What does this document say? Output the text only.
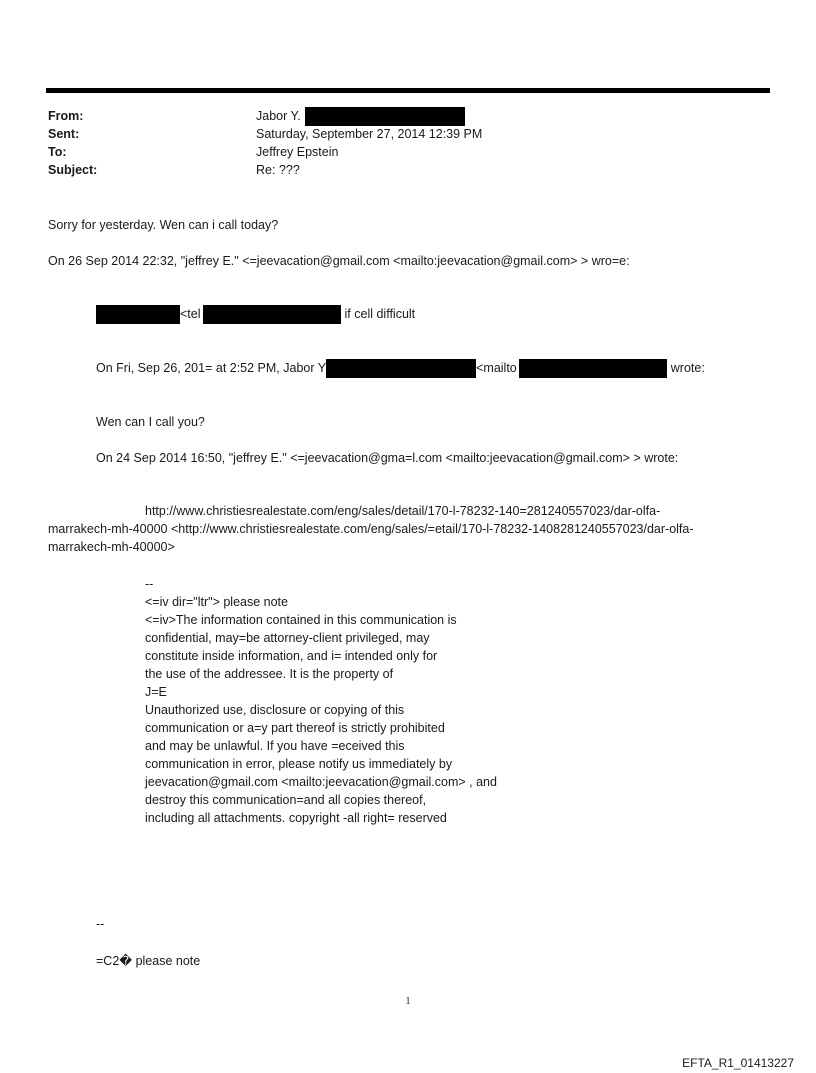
From:	Jabor Y.
Sent:	Saturday, September 27, 2014 12:39 PM
To:	Jeffrey Epstein
Subject:	Re: ???
Sorry for yesterday. Wen can i call today?
On 26 Sep 2014 22:32, "jeffrey E." <=jeevacation@gmail.com <mailto:jeevacation@gmail.com> > wro=e:
<tel	if cell difficult
On Fri, Sep 26, 201= at 2:52 PM, Jabor Y	<mailto	wrote:
Wen can I call you?
On 24 Sep 2014 16:50, "jeffrey E." <=jeevacation@gma=l.com <mailto:jeevacation@gmail.com> > wrote:
http://www.christiesrealestate.com/eng/sales/detail/170-l-78232-140=281240557023/dar-olfa-
marrakech-mh-40000 <http://www.christiesrealestate.com/eng/sales/=etail/170-l-78232-1408281240557023/dar-olfa-
marrakech-mh-40000>
--
<=iv dir="ltr"> please note
<=iv>The information contained in this communication is
confidential, may=be attorney-client privileged, may
constitute inside information, and i= intended only for
the use of the addressee. It is the property of
J=E
Unauthorized use, disclosure or copying of this
communication or a=y part thereof is strictly prohibited
and may be unlawful. If you have =eceived this
communication in error, please notify us immediately by
jeevacation@gmail.com <mailto:jeevacation@gmail.com> , and
destroy this communication=and all copies thereof,
including all attachments. copyright -all right= reserved
--
=C2� please note
1
EFTA_R1_01413227
